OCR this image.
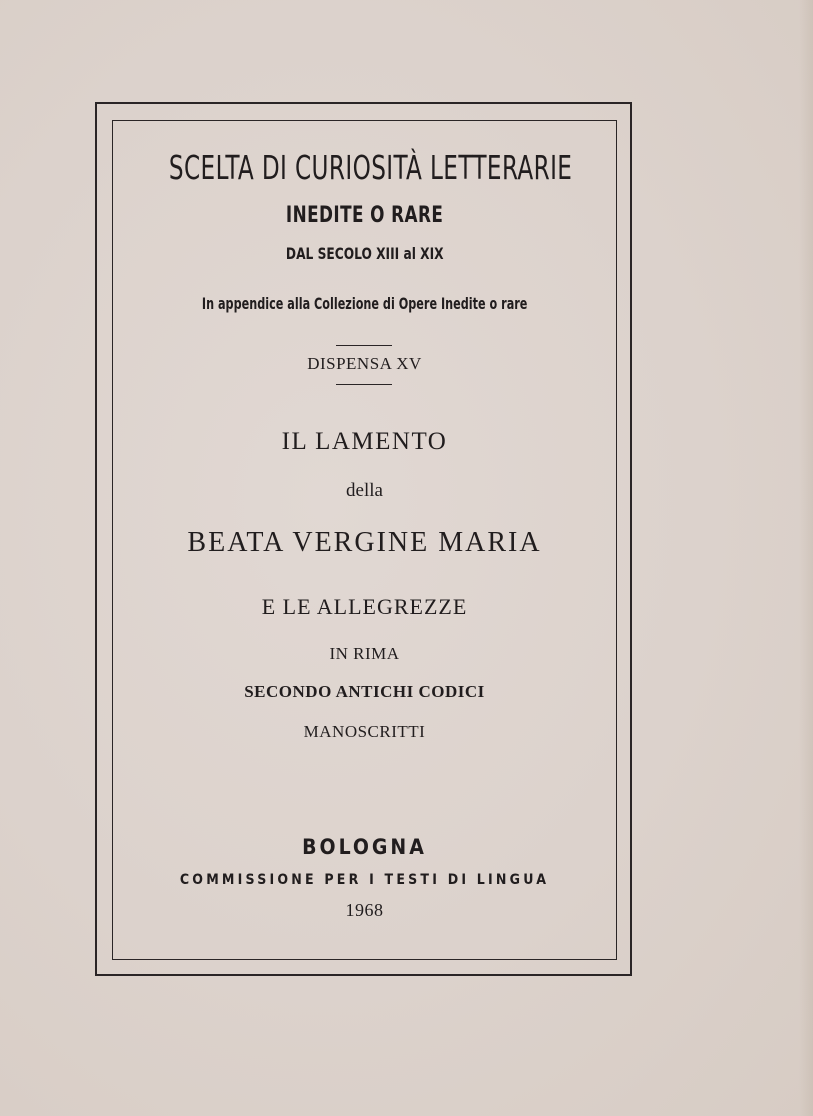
SCELTA DI CURIOSITÀ LETTERARIE
INEDITE O RARE
DAL SECOLO XIII al XIX
In appendice alla Collezione di Opere Inedite o rare
DISPENSA XV
IL LAMENTO
della
BEATA VERGINE MARIA
E LE ALLEGREZZE
IN RIMA
SECONDO ANTICHI CODICI
MANOSCRITTI
BOLOGNA
COMMISSIONE PER I TESTI DI LINGUA
1968
